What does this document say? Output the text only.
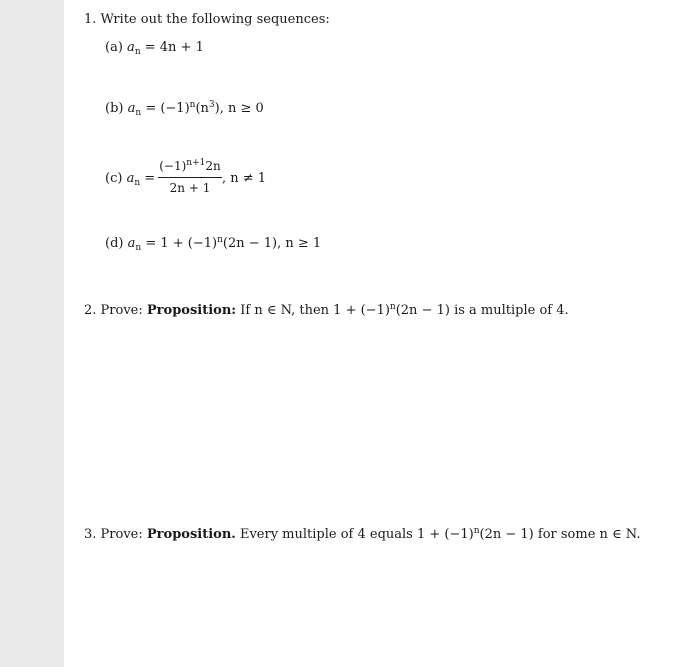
1. Write out the following sequences:
(a) $a_n = 4n + 1$
(b) $a_n = (-1)^n(n^3)$, n ≥ 0
(c) $a_n$ =
$(-1)^{n+1}2n$
2n + 1
, n ≠ 1
(d) $a_n = 1 + (-1)^n(2n - 1)$, n ≥ 1
2. Prove: Proposition: If n ∈ N, then $1 + (-1)^n(2n - 1)$ is a multiple of 4.
3. Prove: Proposition. Every multiple of 4 equals $1 + (-1)^n(2n - 1)$ for some n ∈ N.
